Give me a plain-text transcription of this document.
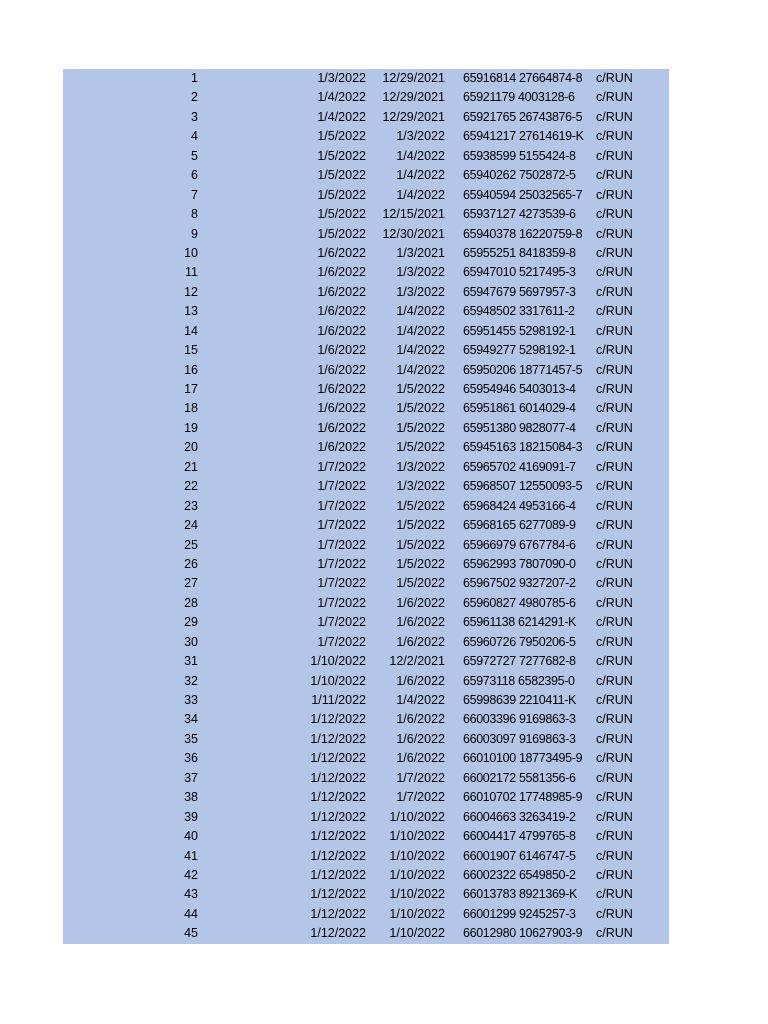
1	1/3/2022	12/29/2021 65916814 27664874-8	c/RUN
2	1/4/2022	12/29/2021 65921179 4003128-6	c/RUN
3	1/4/2022	12/29/2021 65921765 26743876-5	c/RUN
4	1/5/2022	1/3/2022 65941217 27614619-K c/RUN
5	1/5/2022	1/4/2022 65938599 5155424-8	c/RUN
6	1/5/2022	1/4/2022 65940262 7502872-5	c/RUN
7	1/5/2022	1/4/2022 65940594 25032565-7	c/RUN
8	1/5/2022	12/15/2021 65937127 4273539-6	c/RUN
9	1/5/2022	12/30/2021 65940378 16220759-8	c/RUN
10	1/6/2022	1/3/2021 65955251 8418359-8	c/RUN
11	1/6/2022	1/3/2022 65947010 5217495-3	c/RUN
12	1/6/2022	1/3/2022 65947679 5697957-3	c/RUN
13	1/6/2022	1/4/2022 65948502 3317611-2	c/RUN
14	1/6/2022	1/4/2022 65951455 5298192-1	c/RUN
15	1/6/2022	1/4/2022 65949277 5298192-1	c/RUN
16	1/6/2022	1/4/2022 65950206 18771457-5	c/RUN
17	1/6/2022	1/5/2022 65954946 5403013-4	c/RUN
18	1/6/2022	1/5/2022 65951861 6014029-4	c/RUN
19	1/6/2022	1/5/2022 65951380 9828077-4	c/RUN
20	1/6/2022	1/5/2022 65945163 18215084-3	c/RUN
21	1/7/2022	1/3/2022 65965702 4169091-7	c/RUN
22	1/7/2022	1/3/2022 65968507 12550093-5	c/RUN
23	1/7/2022	1/5/2022 65968424 4953166-4	c/RUN
24	1/7/2022	1/5/2022 65968165 6277089-9	c/RUN
25	1/7/2022	1/5/2022 65966979 6767784-6	c/RUN
26	1/7/2022	1/5/2022 65962993 7807090-0	c/RUN
27	1/7/2022	1/5/2022 65967502 9327207-2	c/RUN
28	1/7/2022	1/6/2022 65960827 4980785-6	c/RUN
29	1/7/2022	1/6/2022 65961138 6214291-K	c/RUN
30	1/7/2022	1/6/2022 65960726 7950206-5	c/RUN
31	1/10/2022	12/2/2021 65972727 7277682-8	c/RUN
32	1/10/2022	1/6/2022 65973118 6582395-0	c/RUN
33	1/11/2022	1/4/2022 65998639 2210411-K	c/RUN
34	1/12/2022	1/6/2022 66003396 9169863-3	c/RUN
35	1/12/2022	1/6/2022 66003097 9169863-3	c/RUN
36	1/12/2022	1/6/2022 66010100 18773495-9	c/RUN
37	1/12/2022	1/7/2022 66002172 5581356-6	c/RUN
38	1/12/2022	1/7/2022 66010702 17748985-9	c/RUN
39	1/12/2022	1/10/2022 66004663 3263419-2	c/RUN
40	1/12/2022	1/10/2022 66004417 4799765-8	c/RUN
41	1/12/2022	1/10/2022 66001907 6146747-5	c/RUN
42	1/12/2022	1/10/2022 66002322 6549850-2	c/RUN
43	1/12/2022	1/10/2022 66013783 8921369-K	c/RUN
44	1/12/2022	1/10/2022 66001299 9245257-3	c/RUN
45	1/12/2022	1/10/2022 66012980 10627903-9	c/RUN
